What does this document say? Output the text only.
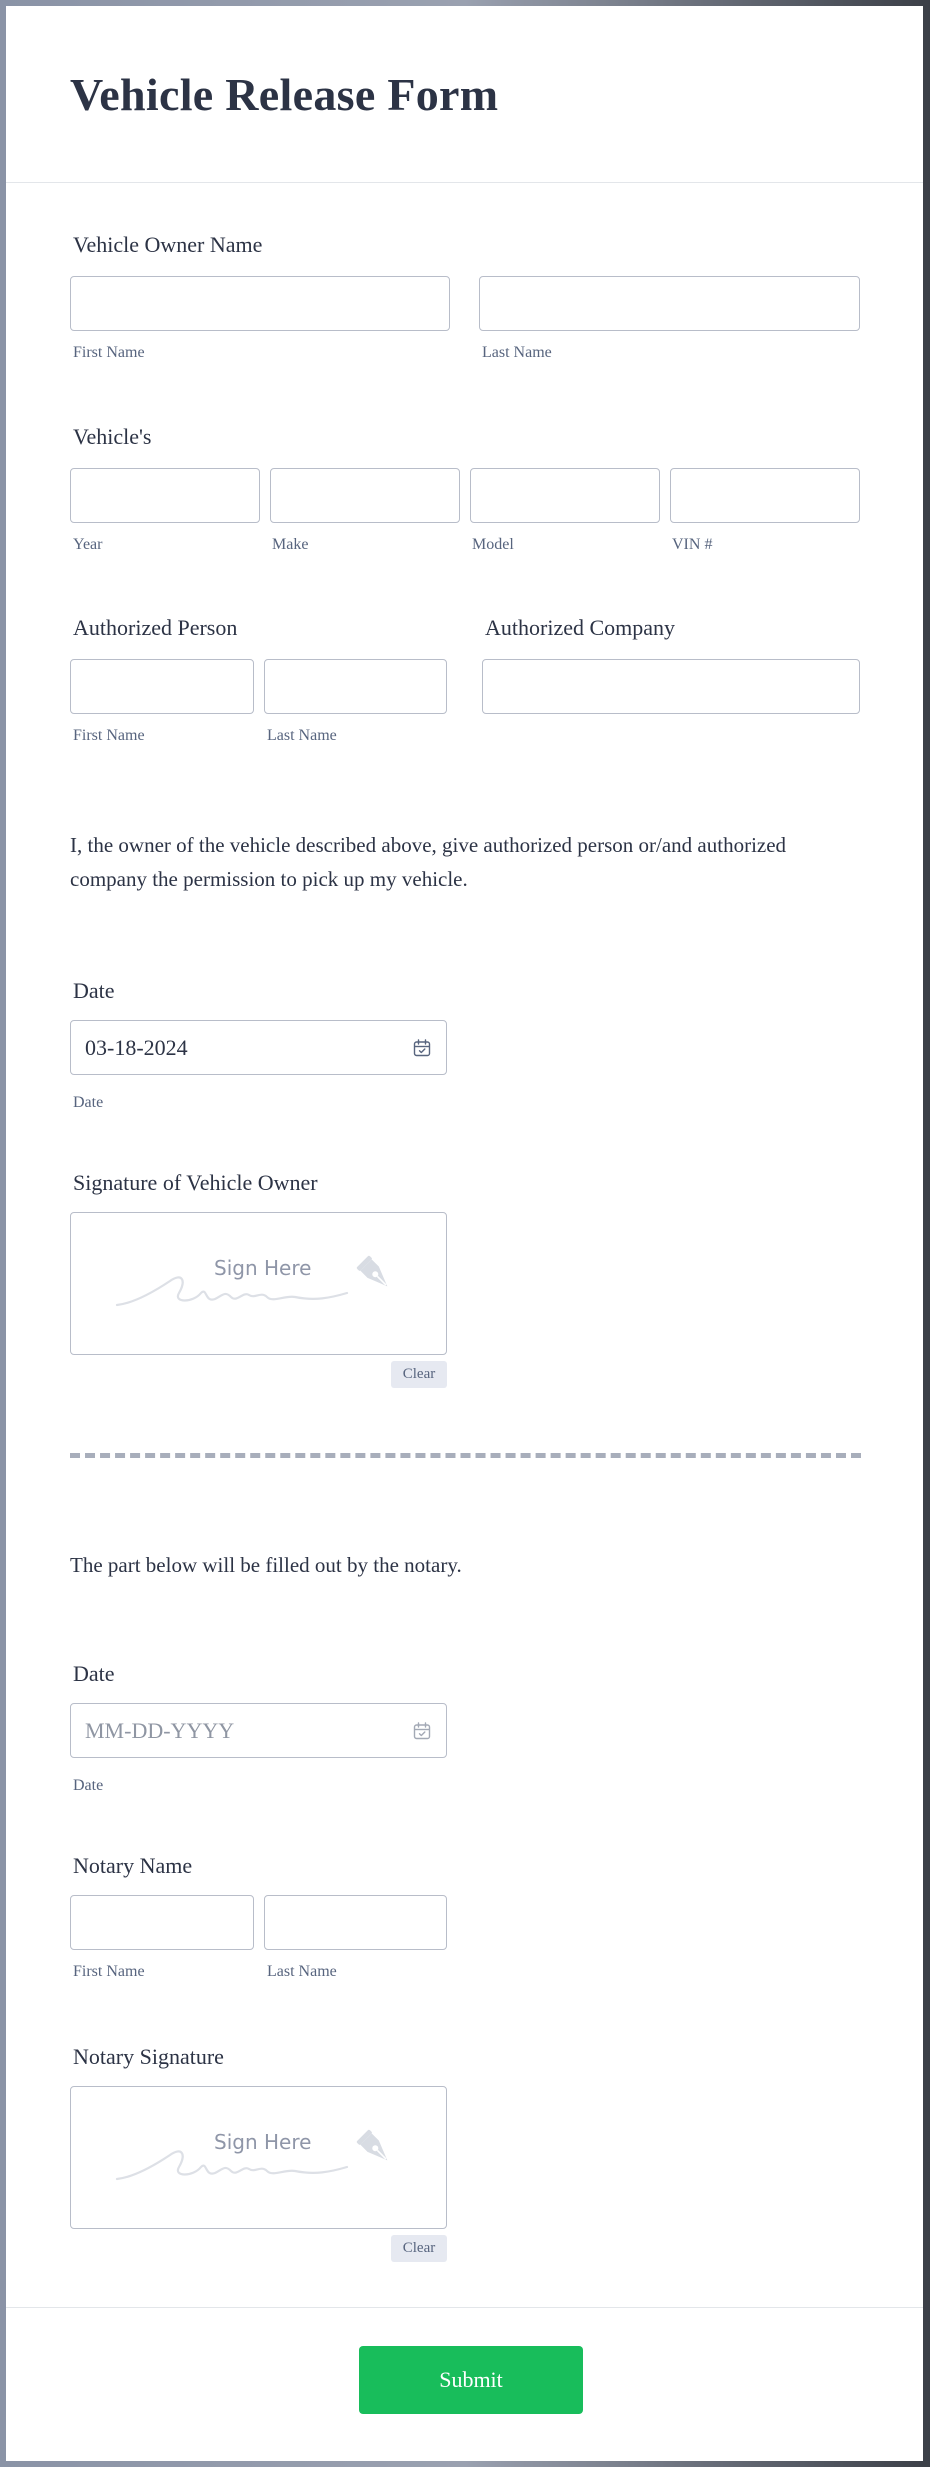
Vehicle Release Form
Vehicle Owner Name
First Name	Last Name
Vehicle's
Year	Make	Model	VIN #
Authorized Person	Authorized Company
First Name	Last Name
I, the owner of the vehicle described above, give authorized person or/and authorized
company the permission to pick up my vehicle.
Date
03-18-2024
Date
Signature of Vehicle Owner
Sign Here
Clear
The part below will be filled out by the notary.
Date
MM-DD-YYYY
Date
Notary Name
First Name	Last Name
Notary Signature
Sign Here
Clear
Submit
